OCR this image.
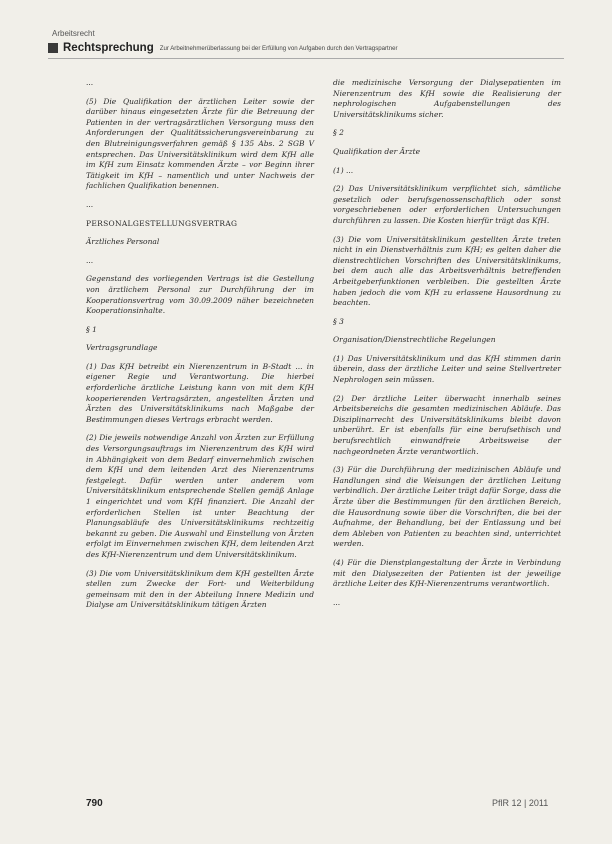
Arbeitsrecht
Rechtsprechung Zur Arbeitnehmerüberlassung bei der Erfüllung von Aufgaben durch den Vertragspartner

...

(5) Die Qualifikation der ärztlichen Leiter sowie der darüber hinaus eingesetzten Ärzte für die Betreuung der Patienten in der vertragsärztlichen Versorgung muss den Anforderungen der Qualitätssicherungsvereinbarung zu den Blutreinigungsverfahren gemäß § 135 Abs. 2 SGB V entsprechen. Das Universitätsklinikum wird dem KfH alle im KfH zum Einsatz kommenden Ärzte – vor Beginn ihrer Tätigkeit im KfH – namentlich und unter Nachweis der fachlichen Qualifikation benennen.

...

PERSONALGESTELLUNGSVERTRAG

Ärztliches Personal

...

Gegenstand des vorliegenden Vertrags ist die Gestellung von ärztlichem Personal zur Durchführung der im Kooperationsvertrag vom 30.09.2009 näher bezeichneten Kooperationsinhalte.

§ 1

Vertragsgrundlage

(1) Das KfH betreibt ein Nierenzentrum in B-Stadt ... in eigener Regie und Verantwortung. Die hierbei erforderliche ärztliche Leistung kann von mit dem KfH kooperierenden Vertragsärzten, angestellten Ärzten und Ärzten des Universitätsklinikums nach Maßgabe der Bestimmungen dieses Vertrags erbracht werden.

(2) Die jeweils notwendige Anzahl von Ärzten zur Erfüllung des Versorgungsauftrags im Nierenzentrum des KfH wird in Abhängigkeit von dem Bedarf einvernehmlich zwischen dem KfH und dem leitenden Arzt des Nierenzentrums festgelegt. Dafür werden unter anderem vom Universitätsklinikum entsprechende Stellen gemäß Anlage 1 eingerichtet und vom KfH finanziert. Die Anzahl der erforderlichen Stellen ist unter Beachtung der Planungsabläufe des Universitätsklinikums rechtzeitig bekannt zu geben. Die Auswahl und Einstellung von Ärzten erfolgt im Einvernehmen zwischen KfH, dem leitenden Arzt des KfH-Nierenzentrum und dem Universitätsklinikum.

(3) Die vom Universitätsklinikum dem KfH gestellten Ärzte stellen zum Zwecke der Fort- und Weiterbildung gemeinsam mit den in der Abteilung Innere Medizin und Dialyse am Universitätsklinikum tätigen Ärzten

die medizinische Versorgung der Dialysepatienten im Nierenzentrum des KfH sowie die Realisierung der nephrologischen Aufgabenstellungen des Universitätsklinikums sicher.

§ 2

Qualifikation der Ärzte

(1) ...

(2) Das Universitätsklinikum verpflichtet sich, sämtliche gesetzlich oder berufsgenossenschaftlich oder sonst vorgeschriebenen oder erforderlichen Untersuchungen durchführen zu lassen. Die Kosten hierfür trägt das KfH.

(3) Die vom Universitätsklinikum gestellten Ärzte treten nicht in ein Dienstverhältnis zum KfH; es gelten daher die dienstrechtlichen Vorschriften des Universitätsklinikums, bei dem auch alle das Arbeitsverhältnis betreffenden Arbeitgeberfunktionen verbleiben. Die gestellten Ärzte haben jedoch die vom KfH zu erlassene Hausordnung zu beachten.

§ 3

Organisation/Dienstrechtliche Regelungen

(1) Das Universitätsklinikum und das KfH stimmen darin überein, dass der ärztliche Leiter und seine Stellvertreter Nephrologen sein müssen.

(2) Der ärztliche Leiter überwacht innerhalb seines Arbeitsbereichs die gesamten medizinischen Abläufe. Das Disziplinarrecht des Universitätsklinikums bleibt davon unberührt. Er ist ebenfalls für eine berufsethisch und berufsrechtlich einwandfreie Arbeitsweise der nachgeordneten Ärzte verantwortlich.

(3) Für die Durchführung der medizinischen Abläufe und Handlungen sind die Weisungen der ärztlichen Leitung verbindlich. Der ärztliche Leiter trägt dafür Sorge, dass die Ärzte über die Bestimmungen für den ärztlichen Bereich, die Hausordnung sowie über die Vorschriften, die bei der Aufnahme, der Behandlung, bei der Entlassung und bei dem Ableben von Patienten zu beachten sind, unterrichtet werden.

(4) Für die Dienstplangestaltung der Ärzte in Verbindung mit den Dialysezeiten der Patienten ist der jeweilige ärztliche Leiter des KfH-Nierenzentrums verantwortlich.

...

790	PflR 12 | 2011
